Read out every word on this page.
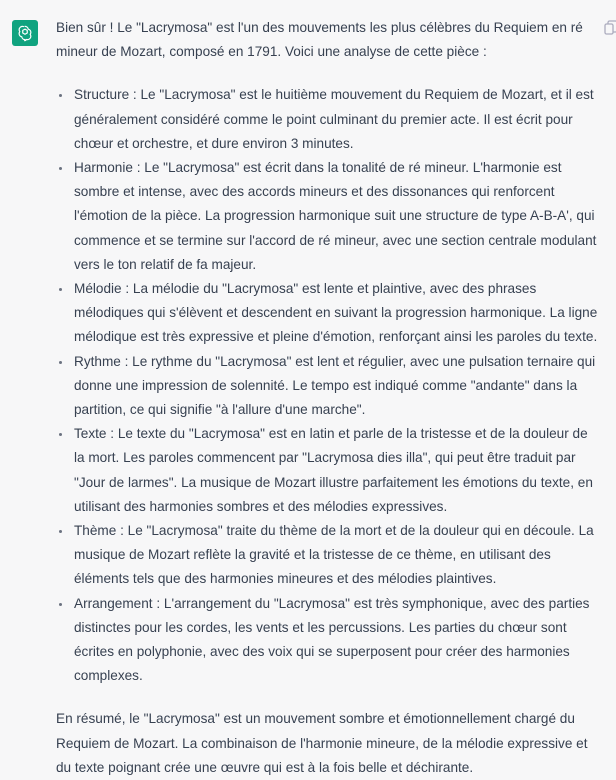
Bien sûr ! Le "Lacrymosa" est l'un des mouvements les plus célèbres du Requiem en ré mineur de Mozart, composé en 1791. Voici une analyse de cette pièce :

Structure : Le "Lacrymosa" est le huitième mouvement du Requiem de Mozart, et il est généralement considéré comme le point culminant du premier acte. Il est écrit pour chœur et orchestre, et dure environ 3 minutes.
Harmonie : Le "Lacrymosa" est écrit dans la tonalité de ré mineur. L'harmonie est sombre et intense, avec des accords mineurs et des dissonances qui renforcent l'émotion de la pièce. La progression harmonique suit une structure de type A-B-A', qui commence et se termine sur l'accord de ré mineur, avec une section centrale modulant vers le ton relatif de fa majeur.
Mélodie : La mélodie du "Lacrymosa" est lente et plaintive, avec des phrases mélodiques qui s'élèvent et descendent en suivant la progression harmonique. La ligne mélodique est très expressive et pleine d'émotion, renforçant ainsi les paroles du texte.
Rythme : Le rythme du "Lacrymosa" est lent et régulier, avec une pulsation ternaire qui donne une impression de solennité. Le tempo est indiqué comme "andante" dans la partition, ce qui signifie "à l'allure d'une marche".
Texte : Le texte du "Lacrymosa" est en latin et parle de la tristesse et de la douleur de la mort. Les paroles commencent par "Lacrymosa dies illa", qui peut être traduit par "Jour de larmes". La musique de Mozart illustre parfaitement les émotions du texte, en utilisant des harmonies sombres et des mélodies expressives.
Thème : Le "Lacrymosa" traite du thème de la mort et de la douleur qui en découle. La musique de Mozart reflète la gravité et la tristesse de ce thème, en utilisant des éléments tels que des harmonies mineures et des mélodies plaintives.
Arrangement : L'arrangement du "Lacrymosa" est très symphonique, avec des parties distinctes pour les cordes, les vents et les percussions. Les parties du chœur sont écrites en polyphonie, avec des voix qui se superposent pour créer des harmonies complexes.

En résumé, le "Lacrymosa" est un mouvement sombre et émotionnellement chargé du Requiem de Mozart. La combinaison de l'harmonie mineure, de la mélodie expressive et du texte poignant crée une œuvre qui est à la fois belle et déchirante.
